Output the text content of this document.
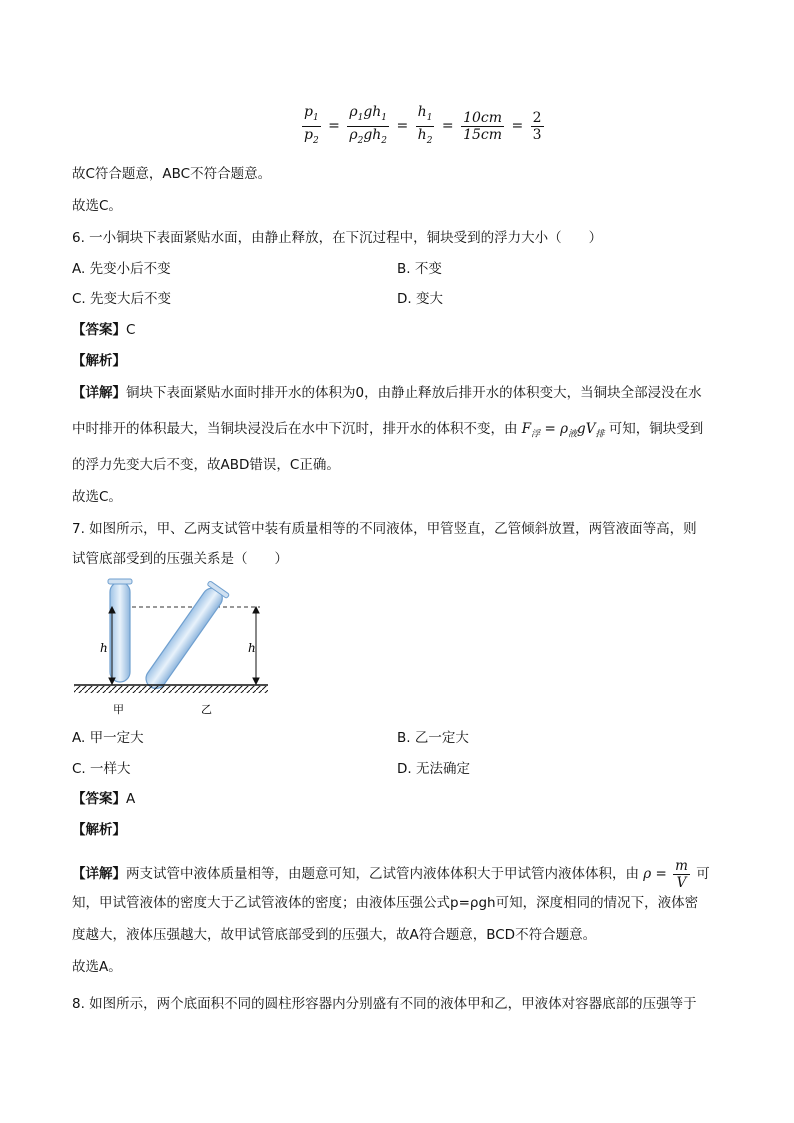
$\frac{p_1}{p_2} = \frac{\rho_1gh_1}{\rho_2gh_2} = \frac{h_1}{h_2} = \frac{10cm}{15cm} = \frac{2}{3}$
故C符合题意，ABC不符合题意。
故选C。
6. 一小铜块下表面紧贴水面，由静止释放，在下沉过程中，铜块受到的浮力大小（　　）
A. 先变小后不变	B. 不变
C. 先变大后不变	D. 变大
【答案】C
【解析】
【详解】铜块下表面紧贴水面时排开水的体积为0，由静止释放后排开水的体积变大，当铜块全部浸没在水
中时排开的体积最大，当铜块浸没后在水中下沉时，排开水的体积不变，由 $F_浮 = \rho_液gV_排$ 可知，铜块受到
的浮力先变大后不变，故ABD错误，C正确。
故选C。
7. 如图所示，甲、乙两支试管中装有质量相等的不同液体，甲管竖直，乙管倾斜放置，两管液面等高，则
试管底部受到的压强关系是（　　）
h	h
甲	乙
A. 甲一定大	B. 乙一定大
C. 一样大	D. 无法确定
【答案】A
【解析】
【详解】两支试管中液体质量相等，由题意可知，乙试管内液体体积大于甲试管内液体体积，由 $\rho = \frac{m}{V}$ 可
知，甲试管液体的密度大于乙试管液体的密度；由液体压强公式p=ρgh可知，深度相同的情况下，液体密
度越大，液体压强越大，故甲试管底部受到的压强大，故A符合题意，BCD不符合题意。
故选A。
8. 如图所示，两个底面积不同的圆柱形容器内分别盛有不同的液体甲和乙，甲液体对容器底部的压强等于
